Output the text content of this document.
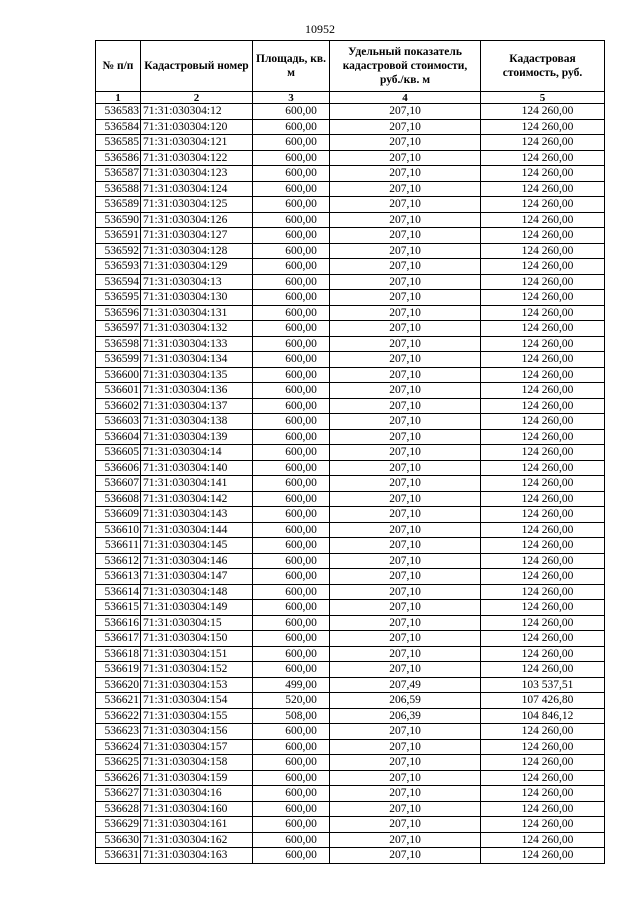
10952
№ п/п	Кадастровый номер	Площадь, кв. м	Удельный показатель кадастровой стоимости, руб./кв. м	Кадастровая стоимость, руб.
1	2	3	4	5
536583	71:31:030304:12	600,00	207,10	124 260,00
536584	71:31:030304:120	600,00	207,10	124 260,00
536585	71:31:030304:121	600,00	207,10	124 260,00
536586	71:31:030304:122	600,00	207,10	124 260,00
536587	71:31:030304:123	600,00	207,10	124 260,00
536588	71:31:030304:124	600,00	207,10	124 260,00
536589	71:31:030304:125	600,00	207,10	124 260,00
536590	71:31:030304:126	600,00	207,10	124 260,00
536591	71:31:030304:127	600,00	207,10	124 260,00
536592	71:31:030304:128	600,00	207,10	124 260,00
536593	71:31:030304:129	600,00	207,10	124 260,00
536594	71:31:030304:13	600,00	207,10	124 260,00
536595	71:31:030304:130	600,00	207,10	124 260,00
536596	71:31:030304:131	600,00	207,10	124 260,00
536597	71:31:030304:132	600,00	207,10	124 260,00
536598	71:31:030304:133	600,00	207,10	124 260,00
536599	71:31:030304:134	600,00	207,10	124 260,00
536600	71:31:030304:135	600,00	207,10	124 260,00
536601	71:31:030304:136	600,00	207,10	124 260,00
536602	71:31:030304:137	600,00	207,10	124 260,00
536603	71:31:030304:138	600,00	207,10	124 260,00
536604	71:31:030304:139	600,00	207,10	124 260,00
536605	71:31:030304:14	600,00	207,10	124 260,00
536606	71:31:030304:140	600,00	207,10	124 260,00
536607	71:31:030304:141	600,00	207,10	124 260,00
536608	71:31:030304:142	600,00	207,10	124 260,00
536609	71:31:030304:143	600,00	207,10	124 260,00
536610	71:31:030304:144	600,00	207,10	124 260,00
536611	71:31:030304:145	600,00	207,10	124 260,00
536612	71:31:030304:146	600,00	207,10	124 260,00
536613	71:31:030304:147	600,00	207,10	124 260,00
536614	71:31:030304:148	600,00	207,10	124 260,00
536615	71:31:030304:149	600,00	207,10	124 260,00
536616	71:31:030304:15	600,00	207,10	124 260,00
536617	71:31:030304:150	600,00	207,10	124 260,00
536618	71:31:030304:151	600,00	207,10	124 260,00
536619	71:31:030304:152	600,00	207,10	124 260,00
536620	71:31:030304:153	499,00	207,49	103 537,51
536621	71:31:030304:154	520,00	206,59	107 426,80
536622	71:31:030304:155	508,00	206,39	104 846,12
536623	71:31:030304:156	600,00	207,10	124 260,00
536624	71:31:030304:157	600,00	207,10	124 260,00
536625	71:31:030304:158	600,00	207,10	124 260,00
536626	71:31:030304:159	600,00	207,10	124 260,00
536627	71:31:030304:16	600,00	207,10	124 260,00
536628	71:31:030304:160	600,00	207,10	124 260,00
536629	71:31:030304:161	600,00	207,10	124 260,00
536630	71:31:030304:162	600,00	207,10	124 260,00
536631	71:31:030304:163	600,00	207,10	124 260,00
